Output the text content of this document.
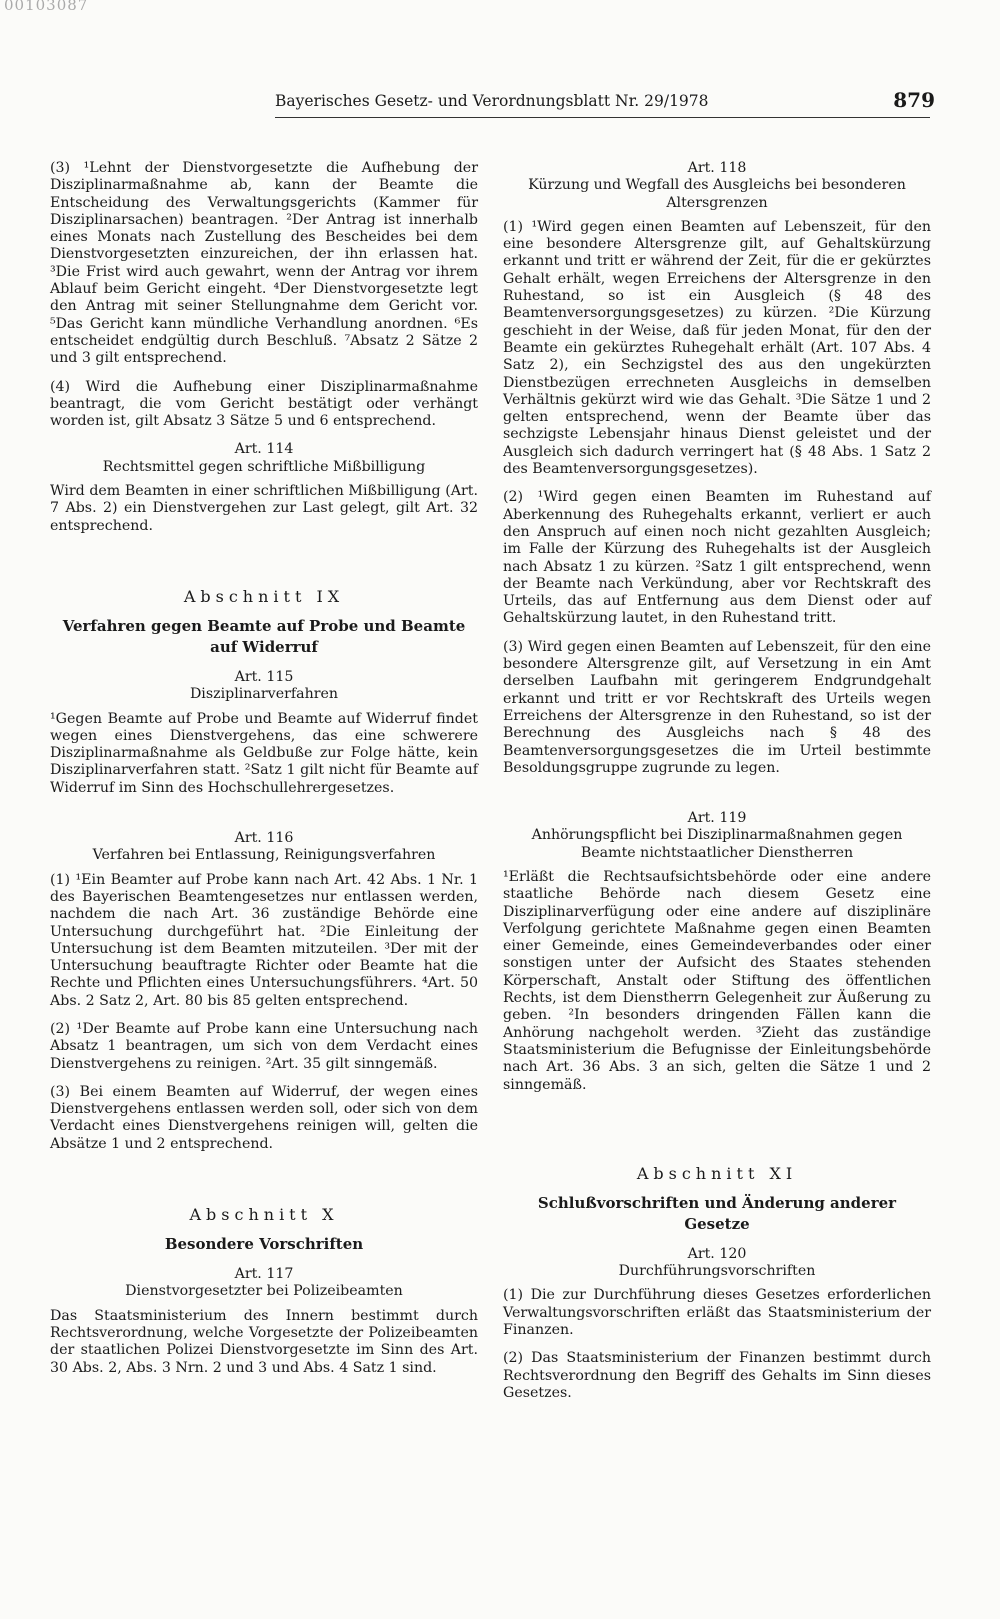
00103087
Bayerisches Gesetz- und Verordnungsblatt Nr. 29/1978	879

(3) ¹Lehnt der Dienstvorgesetzte die Aufhebung der Disziplinarmaßnahme ab, kann der Beamte die Entscheidung des Verwaltungsgerichts (Kammer für Disziplinarsachen) beantragen. ²Der Antrag ist innerhalb eines Monats nach Zustellung des Bescheides bei dem Dienstvorgesetzten einzureichen, der ihn erlassen hat. ³Die Frist wird auch gewahrt, wenn der Antrag vor ihrem Ablauf beim Gericht eingeht. ⁴Der Dienstvorgesetzte legt den Antrag mit seiner Stellungnahme dem Gericht vor. ⁵Das Gericht kann mündliche Verhandlung anordnen. ⁶Es entscheidet endgültig durch Beschluß. ⁷Absatz 2 Sätze 2 und 3 gilt entsprechend.

(4) Wird die Aufhebung einer Disziplinarmaßnahme beantragt, die vom Gericht bestätigt oder verhängt worden ist, gilt Absatz 3 Sätze 5 und 6 entsprechend.

Art. 114
Rechtsmittel gegen schriftliche Mißbilligung

Wird dem Beamten in einer schriftlichen Mißbilligung (Art. 7 Abs. 2) ein Dienstvergehen zur Last gelegt, gilt Art. 32 entsprechend.

Abschnitt IX
Verfahren gegen Beamte auf Probe und Beamte auf Widerruf
Art. 115
Disziplinarverfahren

¹Gegen Beamte auf Probe und Beamte auf Widerruf findet wegen eines Dienstvergehens, das eine schwerere Disziplinarmaßnahme als Geldbuße zur Folge hätte, kein Disziplinarverfahren statt. ²Satz 1 gilt nicht für Beamte auf Widerruf im Sinn des Hochschullehrergesetzes.

Art. 116
Verfahren bei Entlassung, Reinigungsverfahren

(1) ¹Ein Beamter auf Probe kann nach Art. 42 Abs. 1 Nr. 1 des Bayerischen Beamtengesetzes nur entlassen werden, nachdem die nach Art. 36 zuständige Behörde eine Untersuchung durchgeführt hat. ²Die Einleitung der Untersuchung ist dem Beamten mitzuteilen. ³Der mit der Untersuchung beauftragte Richter oder Beamte hat die Rechte und Pflichten eines Untersuchungsführers. ⁴Art. 50 Abs. 2 Satz 2, Art. 80 bis 85 gelten entsprechend.

(2) ¹Der Beamte auf Probe kann eine Untersuchung nach Absatz 1 beantragen, um sich von dem Verdacht eines Dienstvergehens zu reinigen. ²Art. 35 gilt sinngemäß.

(3) Bei einem Beamten auf Widerruf, der wegen eines Dienstvergehens entlassen werden soll, oder sich von dem Verdacht eines Dienstvergehens reinigen will, gelten die Absätze 1 und 2 entsprechend.

Abschnitt X
Besondere Vorschriften
Art. 117
Dienstvorgesetzter bei Polizeibeamten

Das Staatsministerium des Innern bestimmt durch Rechtsverordnung, welche Vorgesetzte der Polizeibeamten der staatlichen Polizei Dienstvorgesetzte im Sinn des Art. 30 Abs. 2, Abs. 3 Nrn. 2 und 3 und Abs. 4 Satz 1 sind.

Art. 118
Kürzung und Wegfall des Ausgleichs bei besonderen Altersgrenzen

(1) ¹Wird gegen einen Beamten auf Lebenszeit, für den eine besondere Altersgrenze gilt, auf Gehaltskürzung erkannt und tritt er während der Zeit, für die er gekürztes Gehalt erhält, wegen Erreichens der Altersgrenze in den Ruhestand, so ist ein Ausgleich (§ 48 des Beamtenversorgungsgesetzes) zu kürzen. ²Die Kürzung geschieht in der Weise, daß für jeden Monat, für den der Beamte ein gekürztes Ruhegehalt erhält (Art. 107 Abs. 4 Satz 2), ein Sechzigstel des aus den ungekürzten Dienstbezügen errechneten Ausgleichs in demselben Verhältnis gekürzt wird wie das Gehalt. ³Die Sätze 1 und 2 gelten entsprechend, wenn der Beamte über das sechzigste Lebensjahr hinaus Dienst geleistet und der Ausgleich sich dadurch verringert hat (§ 48 Abs. 1 Satz 2 des Beamtenversorgungsgesetzes).

(2) ¹Wird gegen einen Beamten im Ruhestand auf Aberkennung des Ruhegehalts erkannt, verliert er auch den Anspruch auf einen noch nicht gezahlten Ausgleich; im Falle der Kürzung des Ruhegehalts ist der Ausgleich nach Absatz 1 zu kürzen. ²Satz 1 gilt entsprechend, wenn der Beamte nach Verkündung, aber vor Rechtskraft des Urteils, das auf Entfernung aus dem Dienst oder auf Gehaltskürzung lautet, in den Ruhestand tritt.

(3) Wird gegen einen Beamten auf Lebenszeit, für den eine besondere Altersgrenze gilt, auf Versetzung in ein Amt derselben Laufbahn mit geringerem Endgrundgehalt erkannt und tritt er vor Rechtskraft des Urteils wegen Erreichens der Altersgrenze in den Ruhestand, so ist der Berechnung des Ausgleichs nach § 48 des Beamtenversorgungsgesetzes die im Urteil bestimmte Besoldungsgruppe zugrunde zu legen.

Art. 119
Anhörungspflicht bei Disziplinarmaßnahmen gegen Beamte nichtstaatlicher Dienstherren

¹Erläßt die Rechtsaufsichtsbehörde oder eine andere staatliche Behörde nach diesem Gesetz eine Disziplinarverfügung oder eine andere auf disziplinäre Verfolgung gerichtete Maßnahme gegen einen Beamten einer Gemeinde, eines Gemeindeverbandes oder einer sonstigen unter der Aufsicht des Staates stehenden Körperschaft, Anstalt oder Stiftung des öffentlichen Rechts, ist dem Dienstherrn Gelegenheit zur Äußerung zu geben. ²In besonders dringenden Fällen kann die Anhörung nachgeholt werden. ³Zieht das zuständige Staatsministerium die Befugnisse der Einleitungsbehörde nach Art. 36 Abs. 3 an sich, gelten die Sätze 1 und 2 sinngemäß.

Abschnitt XI
Schlußvorschriften und Änderung anderer Gesetze
Art. 120
Durchführungsvorschriften

(1) Die zur Durchführung dieses Gesetzes erforderlichen Verwaltungsvorschriften erläßt das Staatsministerium der Finanzen.

(2) Das Staatsministerium der Finanzen bestimmt durch Rechtsverordnung den Begriff des Gehalts im Sinn dieses Gesetzes.
